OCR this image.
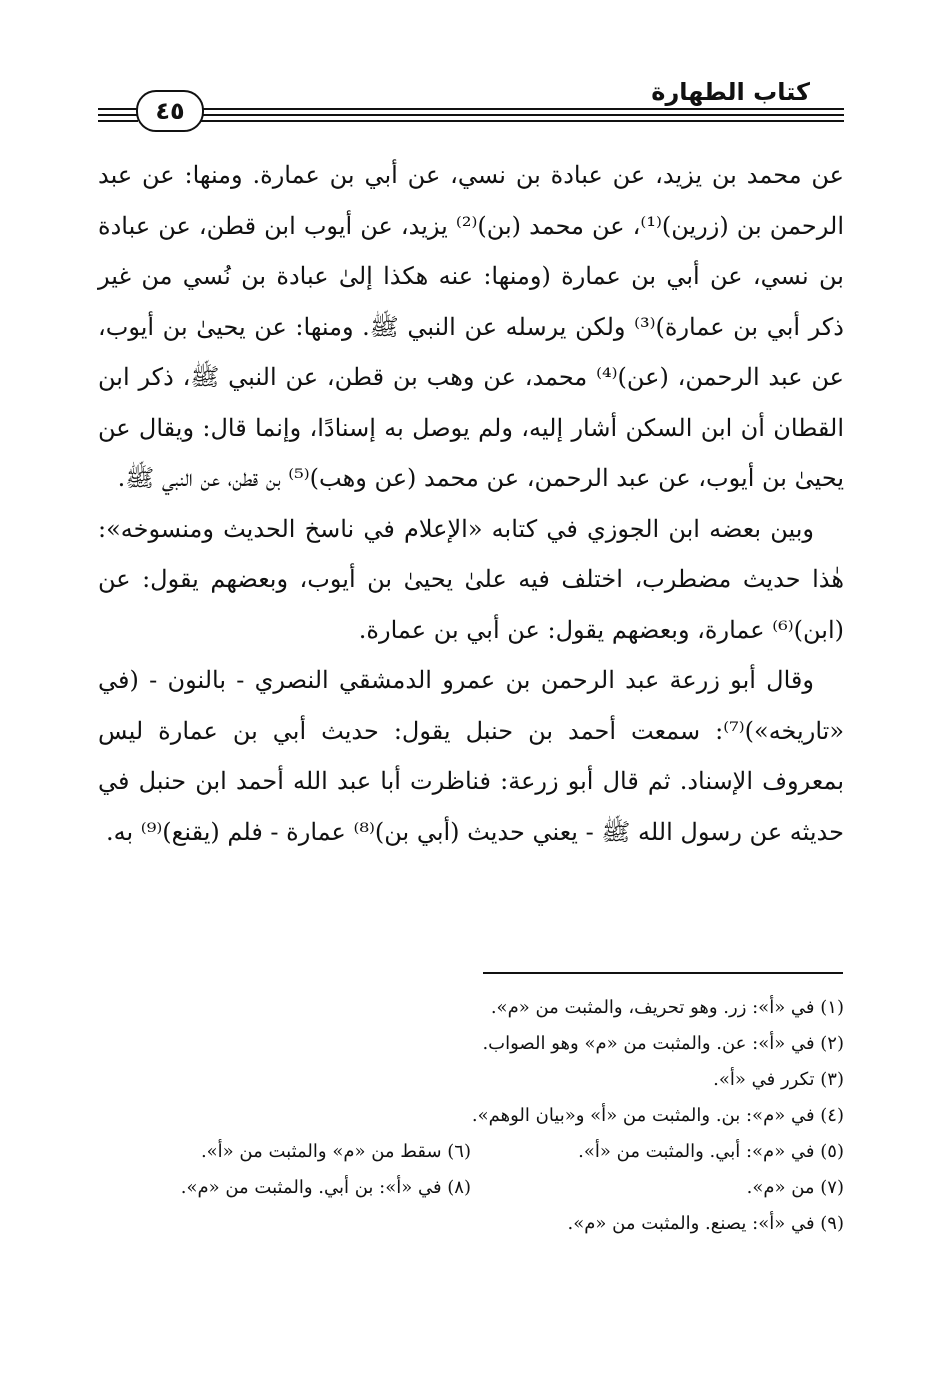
٤٥
كتاب الطهارة

عن محمد بن يزيد، عن عبادة بن نسي، عن أبي بن عمارة. ومنها: عن عبد الرحمن بن (زرين)⁽¹⁾، عن محمد (بن)⁽²⁾ يزيد، عن أيوب ابن قطن، عن عبادة بن نسي، عن أبي بن عمارة (ومنها: عنه هكذا إلىٰ عبادة بن نُسي من غير ذكر أبي بن عمارة)⁽³⁾ ولكن يرسله عن النبي ﷺ. ومنها: عن يحيىٰ بن أيوب، عن عبد الرحمن، (عن)⁽⁴⁾ محمد، عن وهب بن قطن، عن النبي ﷺ، ذكر ابن القطان أن ابن السكن أشار إليه، ولم يوصل به إسنادًا، وإنما قال: ويقال عن يحيىٰ بن أيوب، عن عبد الرحمن، عن محمد (عن وهب)⁽⁵⁾ بن قطن، عن النبي ﷺ.

وبين بعضه ابن الجوزي في كتابه «الإعلام في ناسخ الحديث ومنسوخه»: هٰذا حديث مضطرب، اختلف فيه علىٰ يحيىٰ بن أيوب، وبعضهم يقول: عن (ابن)⁽⁶⁾ عمارة، وبعضهم يقول: عن أبي بن عمارة.

وقال أبو زرعة عبد الرحمن بن عمرو الدمشقي النصري - بالنون - (في «تاريخه»)⁽⁷⁾: سمعت أحمد بن حنبل يقول: حديث أبي بن عمارة ليس بمعروف الإسناد. ثم قال أبو زرعة: فناظرت أبا عبد الله أحمد ابن حنبل في حديثه عن رسول الله ﷺ - يعني حديث (أبي بن)⁽⁸⁾ عمارة - فلم (يقنع)⁽⁹⁾ به.

(١) في «أ»: زر. وهو تحريف، والمثبت من «م».
(٢) في «أ»: عن. والمثبت من «م» وهو الصواب.
(٣) تكرر في «أ».
(٤) في «م»: بن. والمثبت من «أ» و«بيان الوهم».
(٥) في «م»: أبي. والمثبت من «أ».
(٦) سقط من «م» والمثبت من «أ».
(٧) من «م».
(٨) في «أ»: بن أبي. والمثبت من «م».
(٩) في «أ»: يصنع. والمثبت من «م».
